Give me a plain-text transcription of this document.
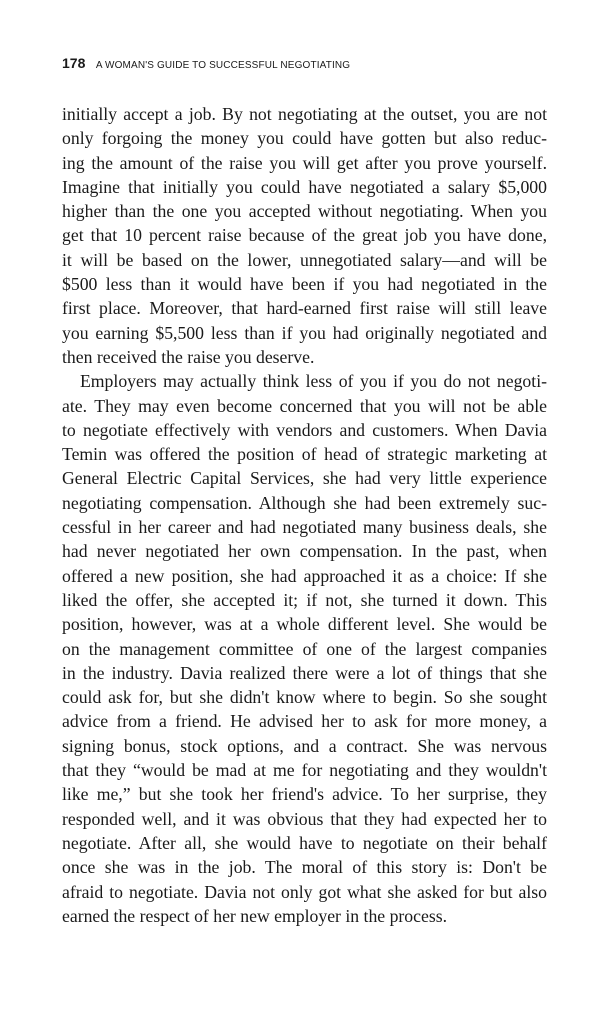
178 A WOMAN'S GUIDE TO SUCCESSFUL NEGOTIATING
initially accept a job. By not negotiating at the outset, you are not
only forgoing the money you could have gotten but also reduc-
ing the amount of the raise you will get after you prove yourself.
Imagine that initially you could have negotiated a salary $5,000
higher than the one you accepted without negotiating. When you
get that 10 percent raise because of the great job you have done,
it will be based on the lower, unnegotiated salary—and will be
$500 less than it would have been if you had negotiated in the
first place. Moreover, that hard-earned first raise will still leave
you earning $5,500 less than if you had originally negotiated and
then received the raise you deserve.
Employers may actually think less of you if you do not negoti-
ate. They may even become concerned that you will not be able
to negotiate effectively with vendors and customers. When Davia
Temin was offered the position of head of strategic marketing at
General Electric Capital Services, she had very little experience
negotiating compensation. Although she had been extremely suc-
cessful in her career and had negotiated many business deals, she
had never negotiated her own compensation. In the past, when
offered a new position, she had approached it as a choice: If she
liked the offer, she accepted it; if not, she turned it down. This
position, however, was at a whole different level. She would be
on the management committee of one of the largest companies
in the industry. Davia realized there were a lot of things that she
could ask for, but she didn't know where to begin. So she sought
advice from a friend. He advised her to ask for more money, a
signing bonus, stock options, and a contract. She was nervous
that they “would be mad at me for negotiating and they wouldn't
like me,” but she took her friend's advice. To her surprise, they
responded well, and it was obvious that they had expected her to
negotiate. After all, she would have to negotiate on their behalf
once she was in the job. The moral of this story is: Don't be
afraid to negotiate. Davia not only got what she asked for but also
earned the respect of her new employer in the process.
